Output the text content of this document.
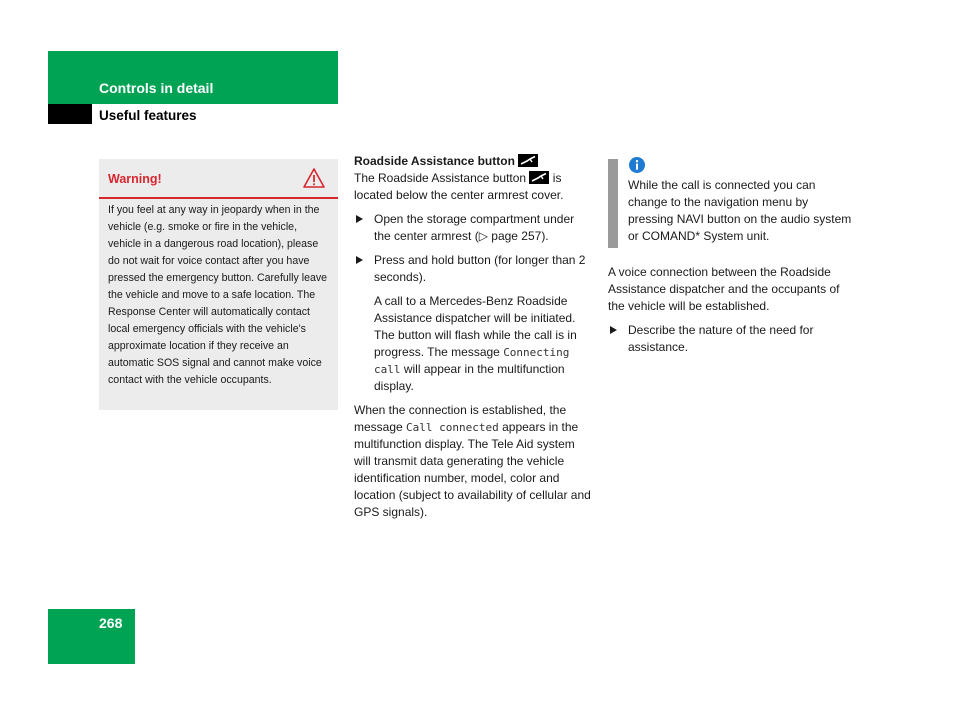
Controls in detail
Useful features
Warning!

If you feel at any way in jeopardy when in the vehicle (e.g. smoke or fire in the vehicle, vehicle in a dangerous road location), please do not wait for voice contact after you have pressed the emergency button. Carefully leave the vehicle and move to a safe location. The Response Center will automatically contact local emergency officials with the vehicle's approximate location if they receive an automatic SOS signal and cannot make voice contact with the vehicle occupants.

Roadside Assistance button

The Roadside Assistance button is located below the center armrest cover.

Open the storage compartment under the center armrest (▷ page 257).

Press and hold button (for longer than 2 seconds).

A call to a Mercedes-Benz Roadside Assistance dispatcher will be initiated. The button will flash while the call is in progress. The message Connecting call will appear in the multifunction display.

When the connection is established, the message Call connected appears in the multifunction display. The Tele Aid system will transmit data generating the vehicle identification number, model, color and location (subject to availability of cellular and GPS signals).

While the call is connected you can change to the navigation menu by pressing NAVI button on the audio system or COMAND* System unit.

A voice connection between the Roadside Assistance dispatcher and the occupants of the vehicle will be established.

Describe the nature of the need for assistance.

268
